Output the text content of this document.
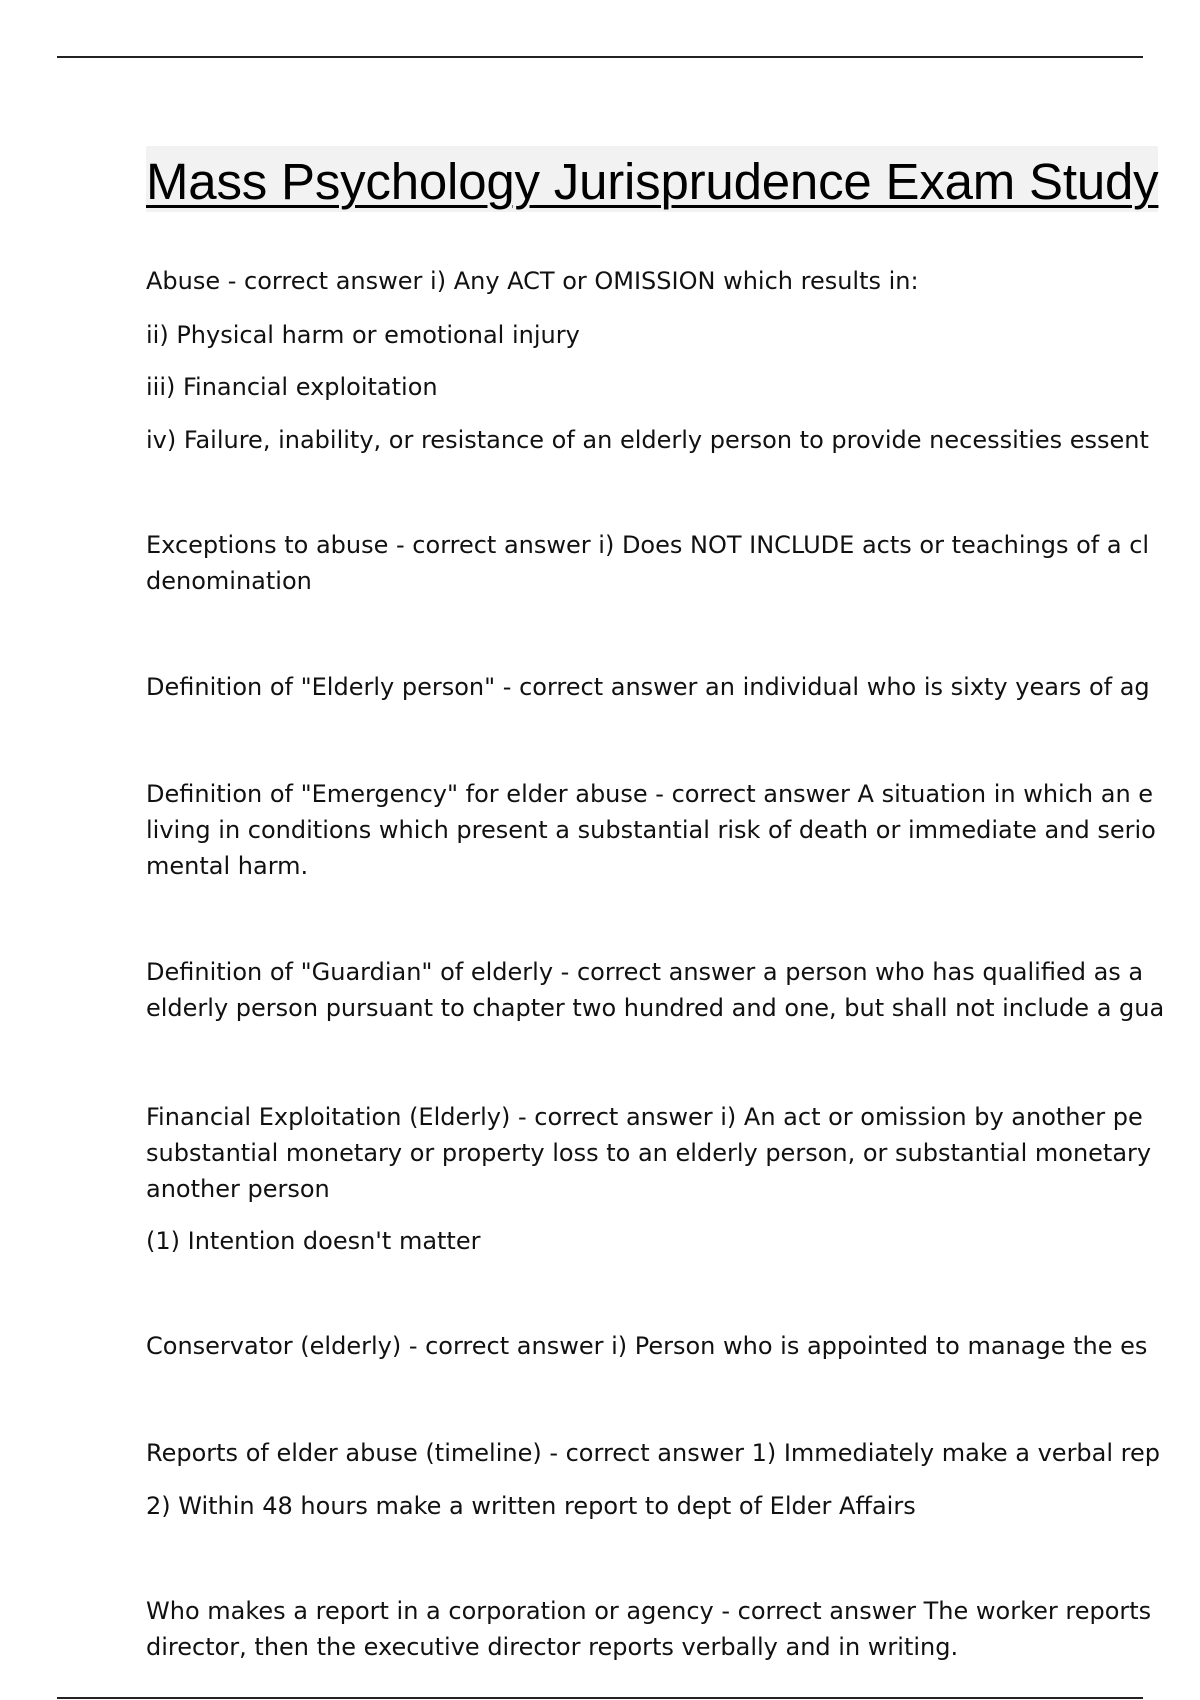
Mass Psychology Jurisprudence Exam Study
Abuse - correct answer i) Any ACT or OMISSION which results in:
ii) Physical harm or emotional injury
iii) Financial exploitation
iv) Failure, inability, or resistance of an elderly person to provide necessities essent
Exceptions to abuse - correct answer i) Does NOT INCLUDE acts or teachings of a cl
denomination
Definition of "Elderly person" - correct answer an individual who is sixty years of ag
Definition of "Emergency" for elder abuse - correct answer A situation in which an e
living in conditions which present a substantial risk of death or immediate and serio
mental harm.
Definition of "Guardian" of elderly - correct answer a person who has qualified as a
elderly person pursuant to chapter two hundred and one, but shall not include a gua
Financial Exploitation (Elderly) - correct answer i) An act or omission by another pe
substantial monetary or property loss to an elderly person, or substantial monetary
another person
(1) Intention doesn't matter
Conservator (elderly) - correct answer i) Person who is appointed to manage the es
Reports of elder abuse (timeline) - correct answer 1) Immediately make a verbal rep
2) Within 48 hours make a written report to dept of Elder Affairs
Who makes a report in a corporation or agency - correct answer The worker reports
director, then the executive director reports verbally and in writing.
